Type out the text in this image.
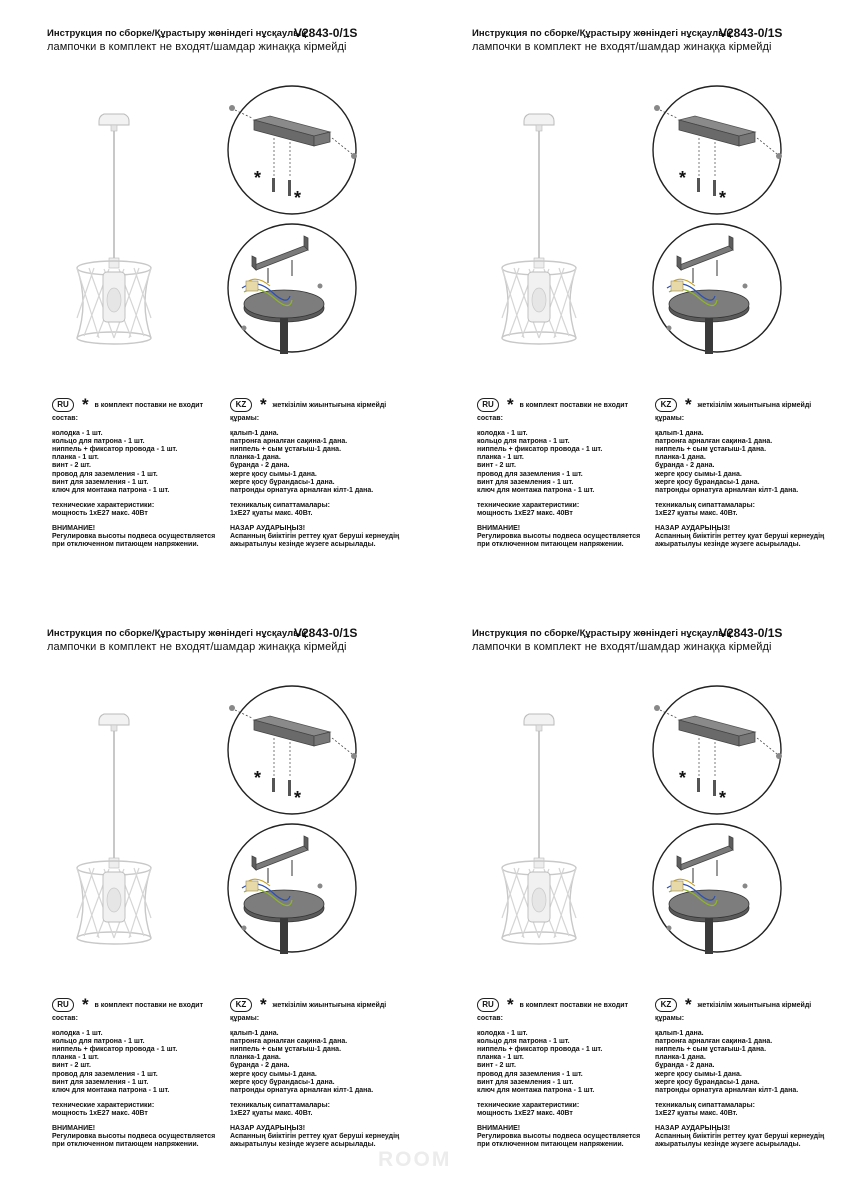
Инструкция по сборке/Құрастыру жөніндегі нұсқаулық
V2843-0/1S
лампочки в комплект не входят/шамдар жинаққа кірмейді
*
*
RU * в комплект поставки не входит	KZ * жеткізілім жиынтығына кірмейді
состав:
колодка - 1 шт.
кольцо для патрона - 1 шт.
ниппель + фиксатор провода - 1 шт.
планка - 1 шт.
винт - 2 шт.
провод для заземления - 1 шт.
винт для заземления - 1 шт.
ключ для монтажа патрона - 1 шт.
технические характеристики:
мощность 1хЕ27 макс. 40Вт
ВНИМАНИЕ!
Регулировка высоты подвеса осуществляется
при отключенном питающем напряжении.
құрамы:
қалып-1 дана.
патронға арналған сақина-1 дана.
ниппель + сым ұстағыш-1 дана.
планка-1 дана.
бұранда - 2 дана.
жерге қосу сымы-1 дана.
жерге қосу бұрандасы-1 дана.
патронды орнатуға арналған кілт-1 дана.
техникалық сипаттамалары:
1хЕ27 қуаты макс. 40Вт.
НАЗАР АУДАРЫҢЫЗ!
Аспанның биіктігін реттеу қуат беруші кернеудің
ажыратылуы кезінде жүзеге асырылады.
Инструкция по сборке/Құрастыру жөніндегі нұсқаулық
V2843-0/1S
лампочки в комплект не входят/шамдар жинаққа кірмейді
*
*
RU * в комплект поставки не входит	KZ * жеткізілім жиынтығына кірмейді
состав:
колодка - 1 шт.
кольцо для патрона - 1 шт.
ниппель + фиксатор провода - 1 шт.
планка - 1 шт.
винт - 2 шт.
провод для заземления - 1 шт.
винт для заземления - 1 шт.
ключ для монтажа патрона - 1 шт.
технические характеристики:
мощность 1хЕ27 макс. 40Вт
ВНИМАНИЕ!
Регулировка высоты подвеса осуществляется
при отключенном питающем напряжении.
құрамы:
қалып-1 дана.
патронға арналған сақина-1 дана.
ниппель + сым ұстағыш-1 дана.
планка-1 дана.
бұранда - 2 дана.
жерге қосу сымы-1 дана.
жерге қосу бұрандасы-1 дана.
патронды орнатуға арналған кілт-1 дана.
техникалық сипаттамалары:
1хЕ27 қуаты макс. 40Вт.
НАЗАР АУДАРЫҢЫЗ!
Аспанның биіктігін реттеу қуат беруші кернеудің
ажыратылуы кезінде жүзеге асырылады.
Инструкция по сборке/Құрастыру жөніндегі нұсқаулық
V2843-0/1S
лампочки в комплект не входят/шамдар жинаққа кірмейді
*
*
RU * в комплект поставки не входит	KZ * жеткізілім жиынтығына кірмейді
состав:
колодка - 1 шт.
кольцо для патрона - 1 шт.
ниппель + фиксатор провода - 1 шт.
планка - 1 шт.
винт - 2 шт.
провод для заземления - 1 шт.
винт для заземления - 1 шт.
ключ для монтажа патрона - 1 шт.
технические характеристики:
мощность 1хЕ27 макс. 40Вт
ВНИМАНИЕ!
Регулировка высоты подвеса осуществляется
при отключенном питающем напряжении.
құрамы:
қалып-1 дана.
патронға арналған сақина-1 дана.
ниппель + сым ұстағыш-1 дана.
планка-1 дана.
бұранда - 2 дана.
жерге қосу сымы-1 дана.
жерге қосу бұрандасы-1 дана.
патронды орнатуға арналған кілт-1 дана.
техникалық сипаттамалары:
1хЕ27 қуаты макс. 40Вт.
НАЗАР АУДАРЫҢЫЗ!
Аспанның биіктігін реттеу қуат беруші кернеудің
ажыратылуы кезінде жүзеге асырылады.
Инструкция по сборке/Құрастыру жөніндегі нұсқаулық
V2843-0/1S
лампочки в комплект не входят/шамдар жинаққа кірмейді
*
*
RU * в комплект поставки не входит	KZ * жеткізілім жиынтығына кірмейді
состав:
колодка - 1 шт.
кольцо для патрона - 1 шт.
ниппель + фиксатор провода - 1 шт.
планка - 1 шт.
винт - 2 шт.
провод для заземления - 1 шт.
винт для заземления - 1 шт.
ключ для монтажа патрона - 1 шт.
технические характеристики:
мощность 1хЕ27 макс. 40Вт
ВНИМАНИЕ!
Регулировка высоты подвеса осуществляется
при отключенном питающем напряжении.
құрамы:
қалып-1 дана.
патронға арналған сақина-1 дана.
ниппель + сым ұстағыш-1 дана.
планка-1 дана.
бұранда - 2 дана.
жерге қосу сымы-1 дана.
жерге қосу бұрандасы-1 дана.
патронды орнатуға арналған кілт-1 дана.
техникалық сипаттамалары:
1хЕ27 қуаты макс. 40Вт.
НАЗАР АУДАРЫҢЫЗ!
Аспанның биіктігін реттеу қуат беруші кернеудің
ажыратылуы кезінде жүзеге асырылады.
ROOM
